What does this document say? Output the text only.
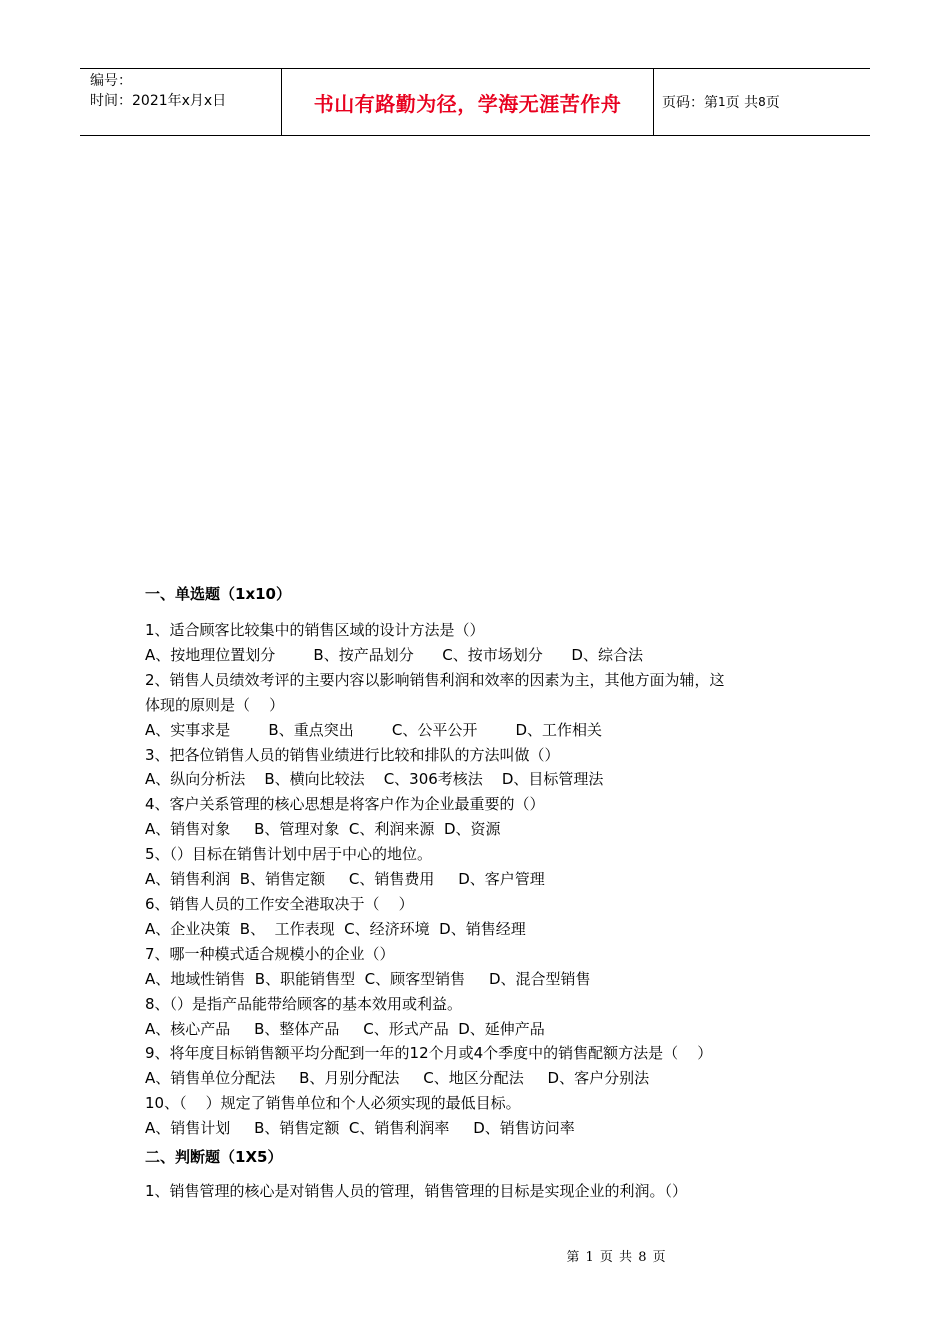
编号：
时间：2021年x月x日	书山有路勤为径，学海无涯苦作舟	页码：第 1 页 共 8 页
一、单选题（1x10）
1、适合顾客比较集中的销售区域的设计方法是（）
A、按地理位置划分        B、按产品划分      C、按市场划分      D、综合法
2、销售人员绩效考评的主要内容以影响销售利润和效率的因素为主，其他方面为辅，这
体现的原则是（    ）
A、实事求是        B、重点突出        C、公平公开        D、工作相关
3、把各位销售人员的销售业绩进行比较和排队的方法叫做（）
A、纵向分析法    B、横向比较法    C、306考核法    D、目标管理法
4、客户关系管理的核心思想是将客户作为企业最重要的（）
A、销售对象     B、管理对象  C、利润来源  D、资源
5、（）目标在销售计划中居于中心的地位。
A、销售利润  B、销售定额     C、销售费用     D、客户管理
6、销售人员的工作安全港取决于（    ）
A、企业决策  B、  工作表现  C、经济环境  D、销售经理
7、哪一种模式适合规模小的企业（）
A、地域性销售  B、职能销售型  C、顾客型销售     D、混合型销售
8、（）是指产品能带给顾客的基本效用或利益。
A、核心产品     B、整体产品     C、形式产品  D、延伸产品
9、将年度目标销售额平均分配到一年的12个月或4个季度中的销售配额方法是（    ）
A、销售单位分配法     B、月别分配法     C、地区分配法     D、客户分别法
10、（    ）规定了销售单位和个人必须实现的最低目标。
A、销售计划     B、销售定额  C、销售利润率     D、销售访问率
二、判断题（1X5）
1、销售管理的核心是对销售人员的管理，销售管理的目标是实现企业的利润。（）
第 1 页 共 8 页
